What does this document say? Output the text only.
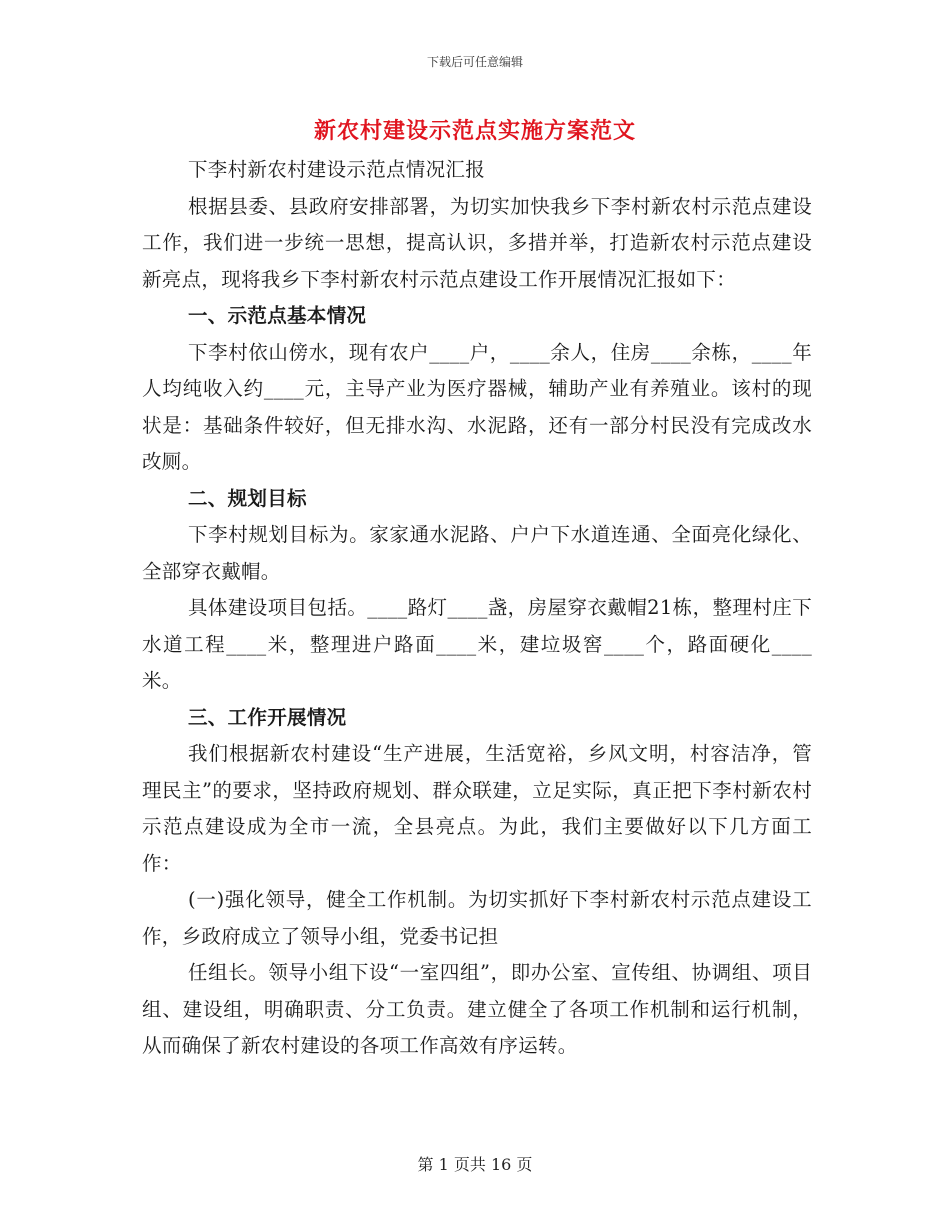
下载后可任意编辑
新农村建设示范点实施方案范文

下李村新农村建设示范点情况汇报

根据县委、县政府安排部署，为切实加快我乡下李村新农村示范点建设工作，我们进一步统一思想，提高认识，多措并举，打造新农村示范点建设新亮点，现将我乡下李村新农村示范点建设工作开展情况汇报如下：

一、示范点基本情况

下李村依山傍水，现有农户____户，____余人，住房____余栋，____年人均纯收入约____元，主导产业为医疗器械，辅助产业有养殖业。该村的现状是：基础条件较好，但无排水沟、水泥路，还有一部分村民没有完成改水改厕。

二、规划目标

下李村规划目标为。家家通水泥路、户户下水道连通、全面亮化绿化、全部穿衣戴帽。

具体建设项目包括。____路灯____盏，房屋穿衣戴帽21栋，整理村庄下水道工程____米，整理进户路面____米，建垃圾窖____个，路面硬化____米。

三、工作开展情况

我们根据新农村建设“生产进展，生活宽裕，乡风文明，村容洁净，管理民主”的要求，坚持政府规划、群众联建，立足实际，真正把下李村新农村示范点建设成为全市一流，全县亮点。为此，我们主要做好以下几方面工作：

(一)强化领导，健全工作机制。为切实抓好下李村新农村示范点建设工作，乡政府成立了领导小组，党委书记担

任组长。领导小组下设“一室四组”，即办公室、宣传组、协调组、项目组、建设组，明确职责、分工负责。建立健全了各项工作机制和运行机制，从而确保了新农村建设的各项工作高效有序运转。

第 1 页共 16 页
